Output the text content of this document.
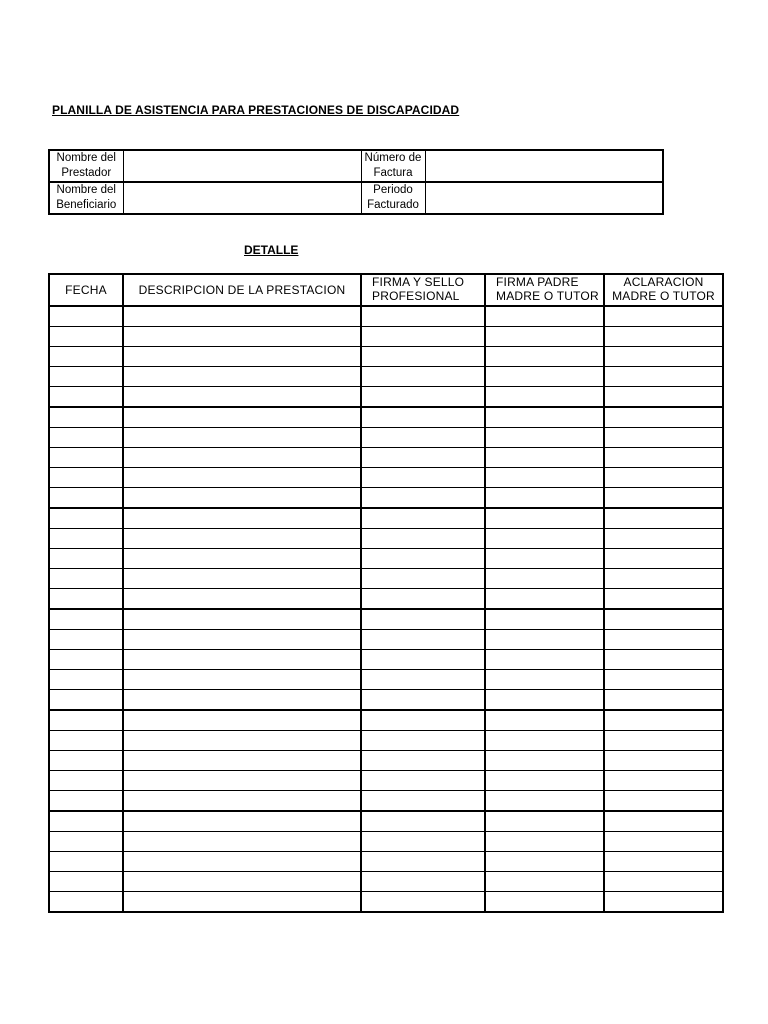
PLANILLA DE ASISTENCIA PARA PRESTACIONES DE DISCAPACIDAD
Nombre del Prestador		Número de Factura	
Nombre del Beneficiario		Periodo Facturado	
DETALLE
FECHA	DESCRIPCION DE LA PRESTACION	FIRMA Y SELLO PROFESIONAL	FIRMA PADRE MADRE O TUTOR	ACLARACION MADRE O TUTOR
